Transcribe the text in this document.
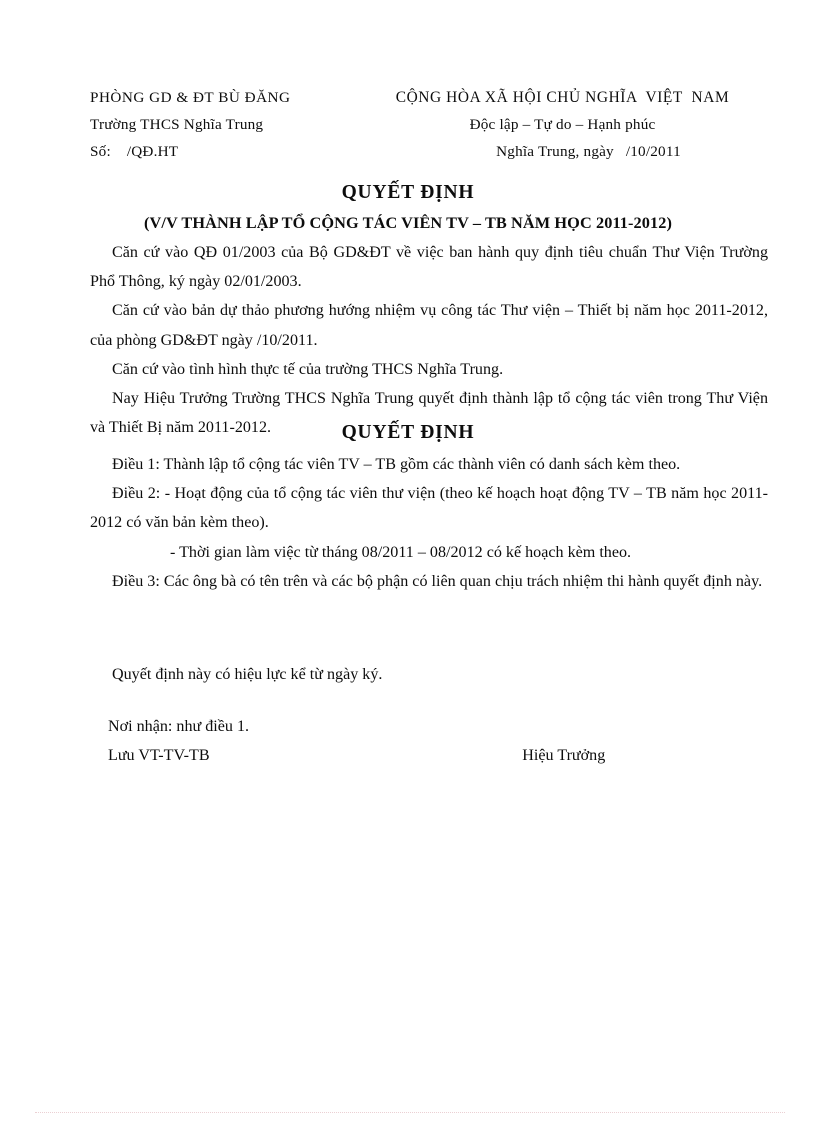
PHÒNG GD & ĐT BÙ ĐĂNG
Trường THCS Nghĩa Trung
Số:    /QĐ.HT
CỘNG HÒA XÃ HỘI CHỦ NGHĨA  VIỆT  NAM
Độc lập – Tự do – Hạnh phúc
Nghĩa Trung, ngày   /10/2011
QUYẾT ĐỊNH
(V/V THÀNH LẬP TỔ CỘNG TÁC VIÊN TV – TB NĂM HỌC 2011-2012)

Căn cứ vào QĐ 01/2003 của Bộ GD&ĐT về việc ban hành quy định tiêu chuẩn Thư Viện Trường Phổ Thông, ký ngày 02/01/2003.

Căn cứ vào bản dự thảo phương hướng nhiệm vụ công tác Thư viện – Thiết bị năm học 2011-2012, của phòng GD&ĐT ngày /10/2011.

Căn cứ vào tình hình thực tế của trường THCS Nghĩa Trung.

Nay Hiệu Trưởng Trường THCS Nghĩa Trung quyết định thành lập tổ cộng tác viên trong Thư Viện và Thiết Bị năm 2011-2012.	QUYẾT ĐỊNH

Điều 1: Thành lập tổ cộng tác viên TV – TB gồm các thành viên có danh sách kèm theo.

Điều 2: - Hoạt động của tổ cộng tác viên thư viện (theo kế hoạch hoạt động TV – TB năm học 2011-2012 có văn bản kèm theo).

- Thời gian làm việc từ tháng 08/2011 – 08/2012 có kế hoạch kèm theo.

Điều 3: Các ông bà có tên trên và các bộ phận có liên quan chịu trách nhiệm thi hành quyết định này.

Quyết định này có hiệu lực kể từ ngày ký.

Nơi nhận: như điều 1.
Lưu VT-TV-TB	Hiệu Trưởng
